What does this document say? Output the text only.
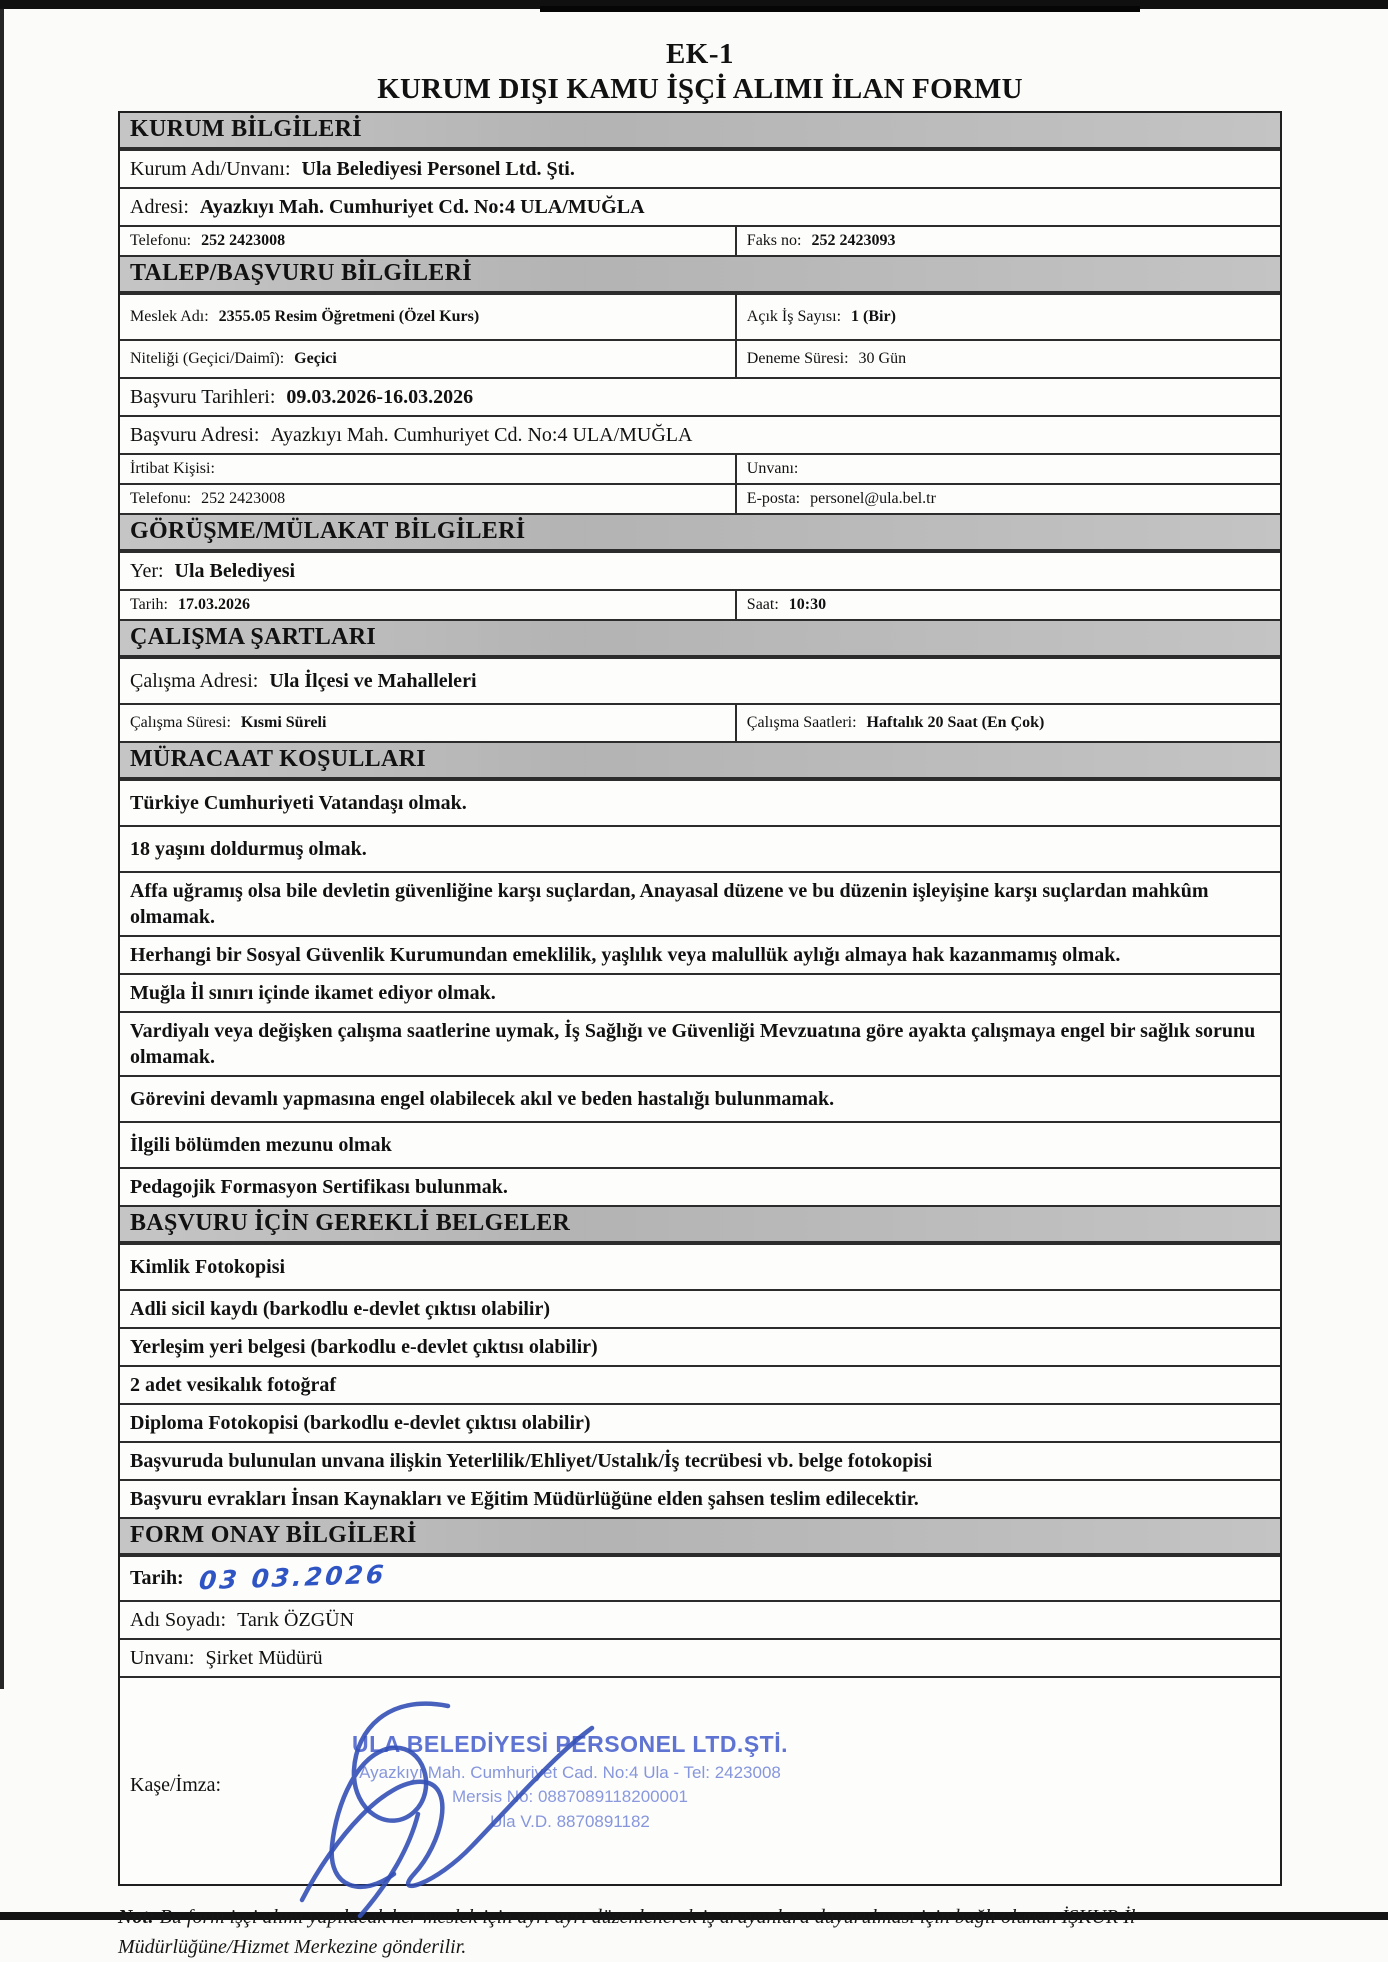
EK-1
KURUM DIŞI KAMU İŞÇİ ALIMI İLAN FORMU
KURUM BİLGİLERİ
Kurum Adı/Unvanı: Ula Belediyesi Personel Ltd. Şti.
Adresi: Ayazkıyı Mah. Cumhuriyet Cd. No:4 ULA/MUĞLA
Telefonu: 252 2423008	Faks no: 252 2423093
TALEP/BAŞVURU BİLGİLERİ
Meslek Adı: 2355.05 Resim Öğretmeni (Özel Kurs)	Açık İş Sayısı: 1 (Bir)
Niteliği (Geçici/Daimî): Geçici	Deneme Süresi: 30 Gün
Başvuru Tarihleri: 09.03.2026-16.03.2026
Başvuru Adresi: Ayazkıyı Mah. Cumhuriyet Cd. No:4 ULA/MUĞLA
İrtibat Kişisi:	Unvanı:
Telefonu: 252 2423008	E-posta: personel@ula.bel.tr
GÖRÜŞME/MÜLAKAT BİLGİLERİ
Yer: Ula Belediyesi
Tarih: 17.03.2026	Saat: 10:30
ÇALIŞMA ŞARTLARI
Çalışma Adresi: Ula İlçesi ve Mahalleleri
Çalışma Süresi: Kısmi Süreli	Çalışma Saatleri: Haftalık 20 Saat (En Çok)
MÜRACAAT KOŞULLARI
Türkiye Cumhuriyeti Vatandaşı olmak.
18 yaşını doldurmuş olmak.
Affa uğramış olsa bile devletin güvenliğine karşı suçlardan, Anayasal düzene ve bu düzenin işleyişine karşı suçlardan mahkûm olmamak.
Herhangi bir Sosyal Güvenlik Kurumundan emeklilik, yaşlılık veya malullük aylığı almaya hak kazanmamış olmak.
Muğla İl sınırı içinde ikamet ediyor olmak.
Vardiyalı veya değişken çalışma saatlerine uymak, İş Sağlığı ve Güvenliği Mevzuatına göre ayakta çalışmaya engel bir sağlık sorunu olmamak.
Görevini devamlı yapmasına engel olabilecek akıl ve beden hastalığı bulunmamak.
İlgili bölümden mezunu olmak
Pedagojik Formasyon Sertifikası bulunmak.
BAŞVURU İÇİN GEREKLİ BELGELER
Kimlik Fotokopisi
Adli sicil kaydı (barkodlu e-devlet çıktısı olabilir)
Yerleşim yeri belgesi (barkodlu e-devlet çıktısı olabilir)
2 adet vesikalık fotoğraf
Diploma Fotokopisi (barkodlu e-devlet çıktısı olabilir)
Başvuruda bulunulan unvana ilişkin Yeterlilik/Ehliyet/Ustalık/İş tecrübesi vb. belge fotokopisi
Başvuru evrakları İnsan Kaynakları ve Eğitim Müdürlüğüne elden şahsen teslim edilecektir.
FORM ONAY BİLGİLERİ
Tarih: 03 03.2026
Adı Soyadı: Tarık ÖZGÜN
Unvanı: Şirket Müdürü
Kaşe/İmza:
ULA BELEDİYESİ PERSONEL LTD.ŞTİ.
Ayazkıyı Mah. Cumhuriyet Cad. No:4 Ula - Tel: 2423008
Mersis No: 0887089118200001
Ula V.D. 8870891182
Not: Bu form işçi alımı yapılacak her meslek için ayrı ayrı düzenlenerek iş arayanlara duyurulması için bağlı olunan İŞKUR İl Müdürlüğüne/Hizmet Merkezine gönderilir.
